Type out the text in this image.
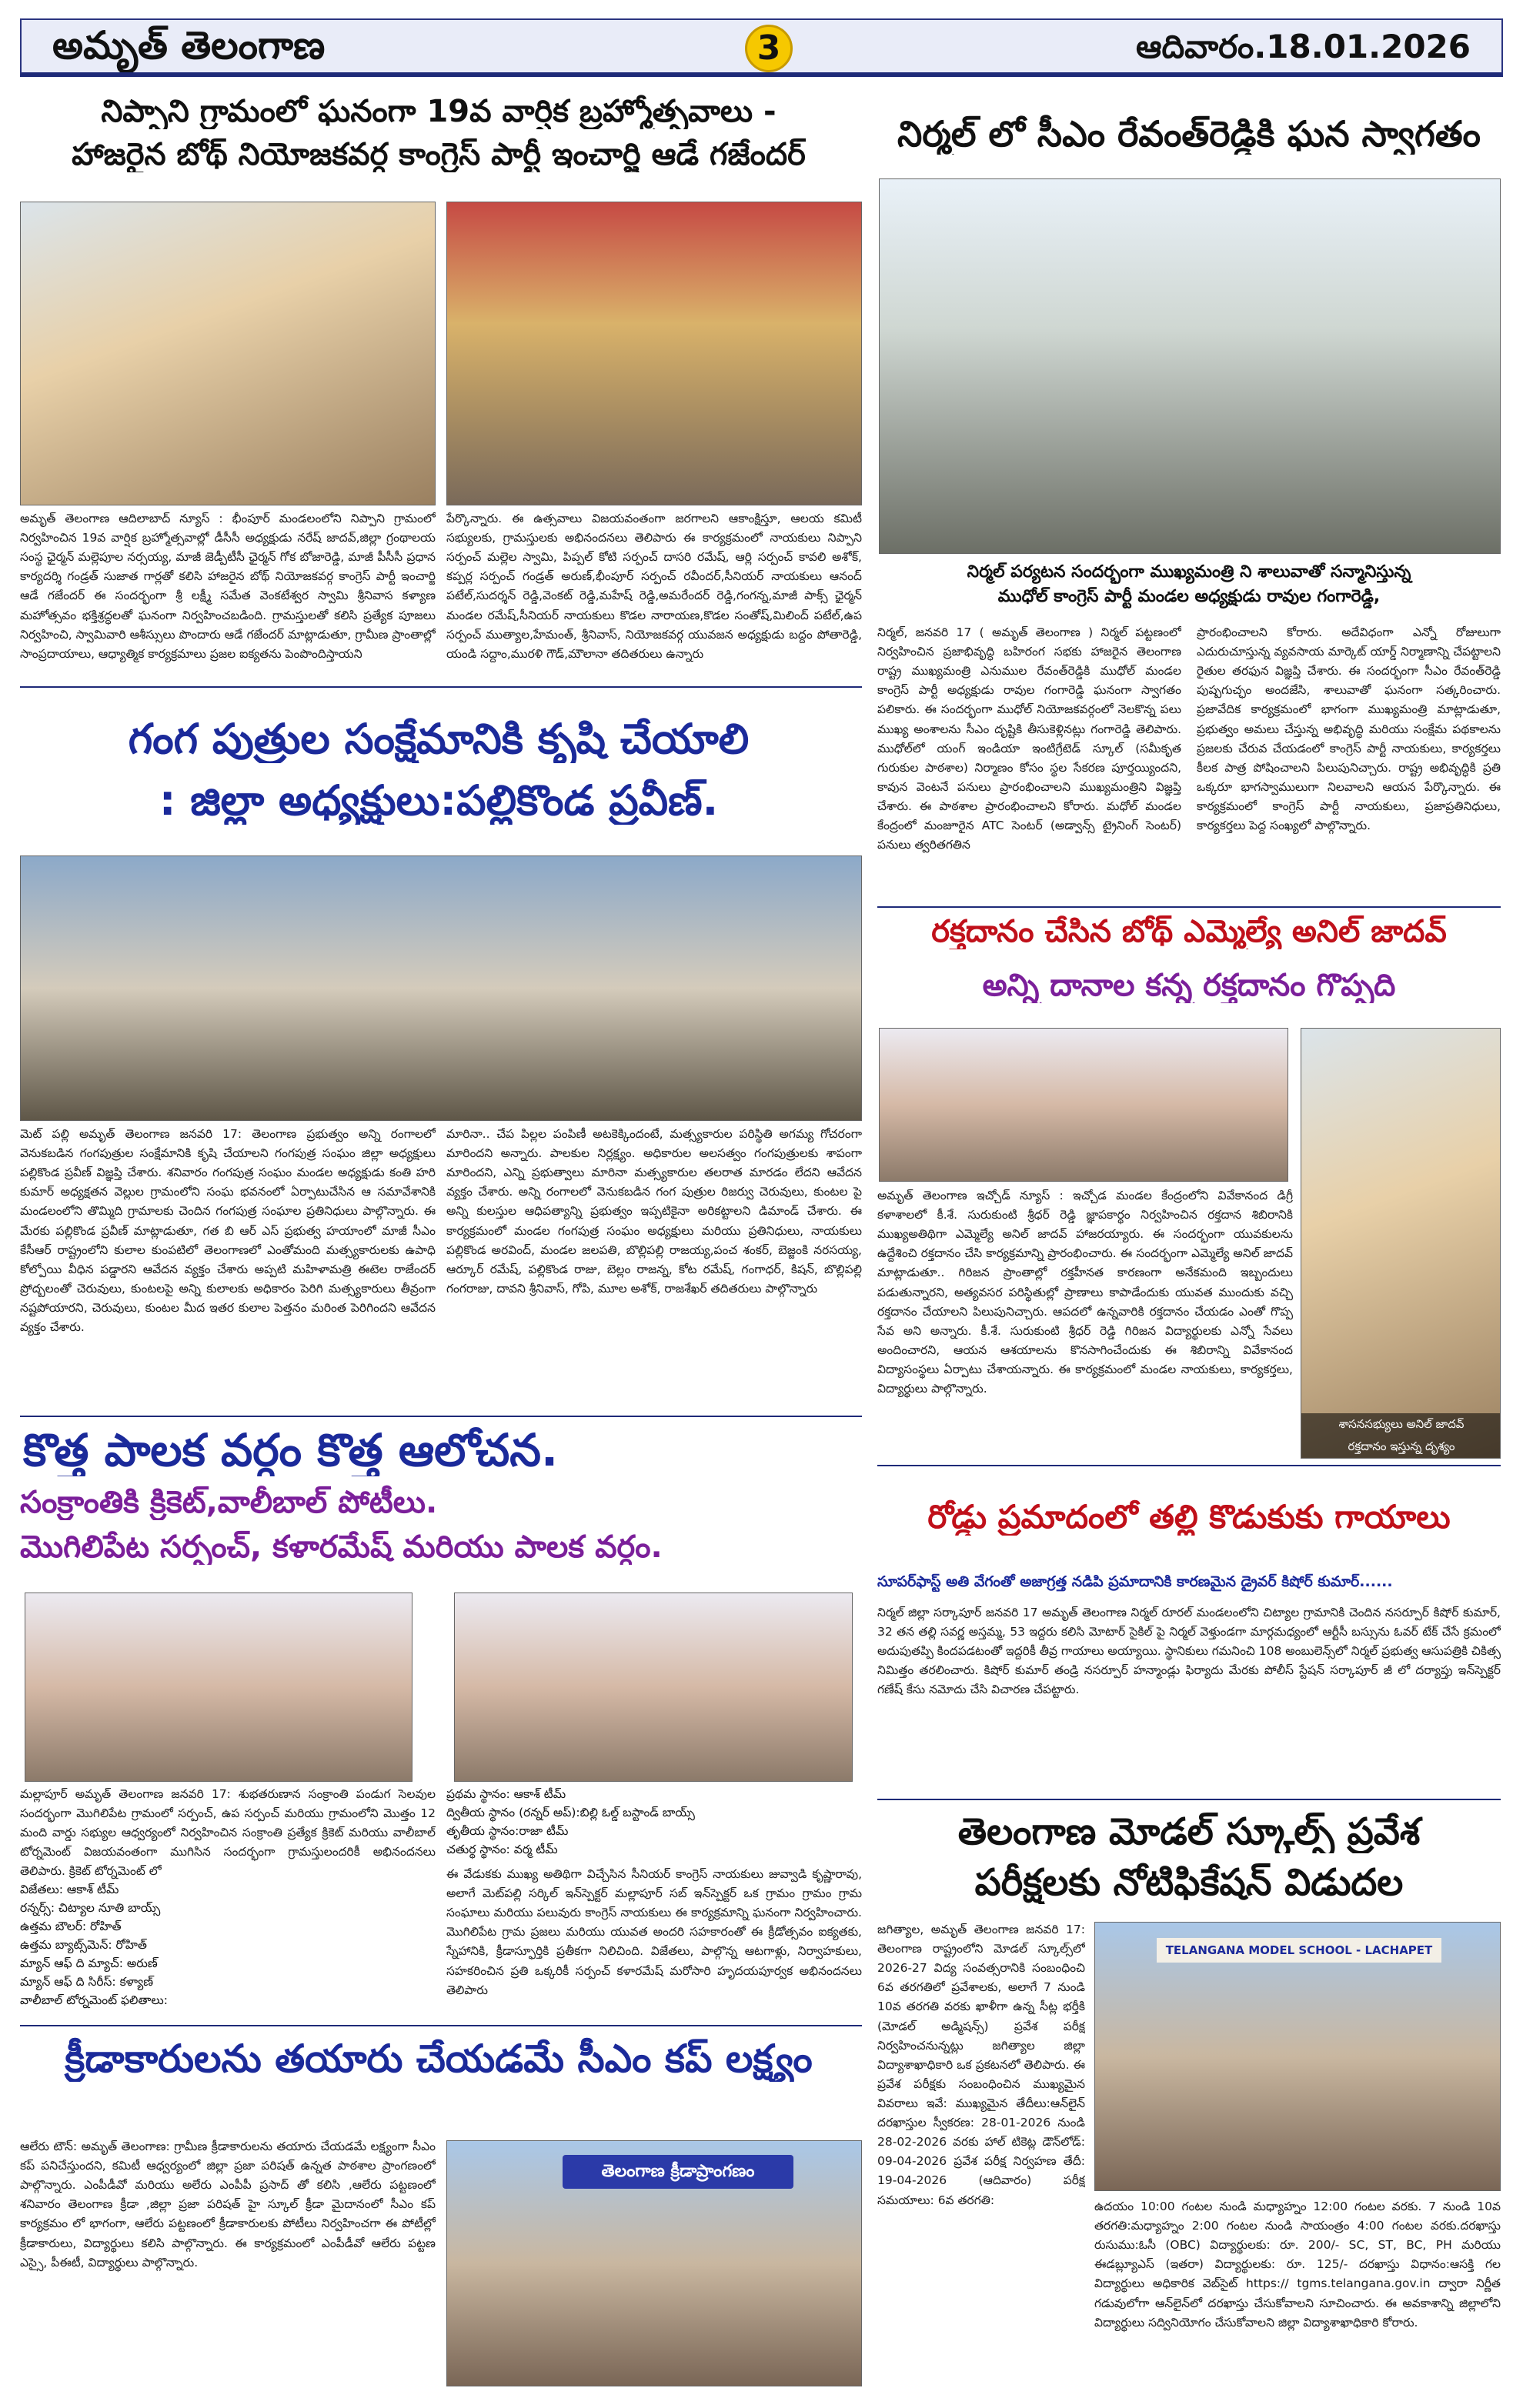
అమృత్ తెలంగాణ	3	ఆదివారం.18.01.2026
నిప్పాని గ్రామంలో ఘనంగా 19వ వార్షిక బ్రహ్మోత్సవాలు -
హాజరైన బోథ్ నియోజకవర్గ కాంగ్రెస్ పార్టీ ఇంచార్జి ఆడే గజేందర్
అమృత్ తెలంగాణ ఆదిలాబాద్ న్యూస్ : భీంపూర్ మండలంలోని నిప్పాని గ్రామంలో నిర్వహించిన 19వ వార్షిక బ్రహ్మోత్సవాల్లో డీసీసీ అధ్యక్షుడు నరేష్ జాదవ్,జిల్లా గ్రంథాలయ సంస్థ ఛైర్మన్ మల్లెపూల నర్సయ్య, మాజీ జెడ్పీటీసీ ఛైర్మన్ గోక బోజారెడ్డి, మాజీ పీసీసీ ప్రధాన కార్యదర్శి గండ్రత్ సుజాత గార్లతో కలిసి హాజరైన బోథ్ నియోజకవర్గ కాంగ్రెస్ పార్టీ ఇంచార్జి ఆడే గజేందర్ ఈ సందర్భంగా శ్రీ లక్ష్మీ సమేత వెంకటేశ్వర స్వామి శ్రీనివాస కళ్యాణ మహోత్సవం భక్తిశ్రద్ధలతో ఘనంగా నిర్వహించబడింది. గ్రామస్తులతో కలిసి ప్రత్యేక పూజలు నిర్వహించి, స్వామివారి ఆశీస్సులు పొందారు ఆడే గజేందర్ మాట్లాడుతూ, గ్రామీణ ప్రాంతాల్లో సాంప్రదాయాలు, ఆధ్యాత్మిక కార్యక్రమాలు ప్రజల ఐక్యతను పెంపొందిస్తాయని
పేర్కొన్నారు. ఈ ఉత్సవాలు విజయవంతంగా జరగాలని ఆకాంక్షిస్తూ, ఆలయ కమిటీ సభ్యులకు, గ్రామస్తులకు అభినందనలు తెలిపారు ఈ కార్యక్రమంలో నాయకులు నిప్పాని సర్పంచ్ మల్లెల స్వామి, పిప్పల్ కోటి సర్పంచ్ దాసరి రమేష్, ఆర్లి సర్పంచ్ కావలి అశోక్, కప్పర్ల సర్పంచ్ గండ్రత్ అరుణ్,భీంపూర్ సర్పంచ్ రవీందర్,సీనియర్ నాయకులు ఆనంద్ పటేల్,సుదర్శన్ రెడ్డి,వెంకట్ రెడ్డి,మహేష్ రెడ్డి,అమరేందర్ రెడ్డి,గంగన్న,మాజీ పాక్స్ ఛైర్మన్ మండల రమేష్,సీనియర్ నాయకులు కొడల నారాయణ,కొడల సంతోష్,మిలింద్ పటేల్,ఉప సర్పంచ్ ముత్యాల,హేమంత్, శ్రీనివాస్, నియోజకవర్గ యువజన అధ్యక్షుడు బద్దం పోతారెడ్డి, యండి సద్దాం,మురళి గౌడ్,మౌలానా తదితరులు ఉన్నారు
గంగ పుత్రుల సంక్షేమానికి కృషి చేయాలి
: జిల్లా అధ్యక్షులు:పల్లికొండ ప్రవీణ్.
మెట్ పల్లి అమృత్ తెలంగాణ జనవరి 17: తెలంగాణ ప్రభుత్వం అన్ని రంగాలలో వెనుకబడిన గంగపుత్రుల సంక్షేమానికి కృషి చేయాలని గంగపుత్ర సంఘం జిల్లా అధ్యక్షులు పల్లికొండ ప్రవీణ్ విజ్ఞప్తి చేశారు. శనివారం గంగపుత్ర సంఘం మండల అధ్యక్షుడు కంతి హరి కుమార్ అధ్యక్షతన వెల్లుల గ్రామంలోని సంఘ భవనంలో ఏర్పాటుచేసిన ఆ సమావేశానికి మండలంలోని తొమ్మిది గ్రామాలకు చెందిన గంగపుత్ర సంఘాల ప్రతినిధులు పాల్గొన్నారు. ఈ మేరకు పల్లికొండ ప్రవీణ్ మాట్లాడుతూ, గత బి ఆర్ ఎస్ ప్రభుత్వ హయాంలో మాజీ సీఎం కేసీఆర్ రాష్ట్రంలోని కులాల కుంపటిలో తెలంగాణలో ఎంతోమంది మత్స్యకారులకు ఉపాధి కోల్పోయి వీధిన పడ్డారని ఆవేదన వ్యక్తం చేశారు అప్పటి మహిళామత్రి ఈటెల రాజేందర్ ప్రోద్బలంతో చెరువులు, కుంటలపై అన్ని కులాలకు అధికారం పెరిగి మత్స్యకారులు తీవ్రంగా నష్టపోయారని, చెరువులు, కుంటల మీద ఇతర కులాల పెత్తనం మరింత పెరిగిందని ఆవేదన వ్యక్తం చేశారు.
మారినా.. చేప పిల్లల పంపిణీ అటకెక్కిందంటే, మత్స్యకారుల పరిస్థితి అగమ్య గోచరంగా మారిందని అన్నారు. పాలకుల నిర్లక్ష్యం. అధికారుల అలసత్వం గంగపుత్రులకు శాపంగా మారిందని, ఎన్ని ప్రభుత్వాలు మారినా మత్స్యకారుల తలరాత మారడం లేదని ఆవేదన వ్యక్తం చేశారు. అన్ని రంగాలలో వెనుకబడిన గంగ పుత్రుల రిజర్వు చెరువులు, కుంటల పై అన్ని కులస్తుల ఆధిపత్యాన్ని ప్రభుత్వం ఇప్పటికైనా అరికట్టాలని డిమాండ్ చేశారు. ఈ కార్యక్రమంలో మండల గంగపుత్ర సంఘం అధ్యక్షులు మరియు ప్రతినిధులు, నాయకులు పల్లికొండ అరవింద్, మండల జలపతి, బొల్లిపల్లి రాజయ్య,పంచ శంకర్, బెజ్జంకి నరసయ్య, ఆర్కూర్ రమేష్, పల్లికొండ రాజు, బెల్లం రాజన్న, కోట రమేష్, గంగాధర్, కిషన్, బొల్లిపల్లి గంగరాజు, దావని శ్రీనివాస్, గోపి, మూల అశోక్, రాజశేఖర్ తదితరులు పాల్గొన్నారు
కొత్త పాలక వర్గం కొత్త ఆలోచన.
సంక్రాంతికి క్రికెట్,వాలీబాల్ పోటీలు.
మొగిలిపేట సర్పంచ్, కళారమేష్ మరియు పాలక వర్గం.
మల్లాపూర్ అమృత్ తెలంగాణ జనవరి 17: శుభతరుణాన సంక్రాంతి పండుగ సెలవుల సందర్భంగా మొగిలిపేట గ్రామంలో సర్పంచ్, ఉప సర్పంచ్ మరియు గ్రామంలోని మొత్తం 12 మంది వార్డు సభ్యుల ఆధ్వర్యంలో నిర్వహించిన సంక్రాంతి ప్రత్యేక క్రికెట్ మరియు వాలీబాల్ టోర్నమెంట్ విజయవంతంగా ముగిసిన సందర్భంగా గ్రామస్తులందరికీ అభినందనలు తెలిపారు. క్రికెట్ టోర్నమెంట్ లో
విజేతలు: ఆకాశ్ టీమ్
రన్నర్స్: చిట్యాల నూతి బాయ్స్
ఉత్తమ బౌలర్: రోహిత్
ఉత్తమ బ్యాట్స్‌మెన్: రోహిత్
మ్యాన్ ఆఫ్ ది మ్యాచ్: అరుణ్
మ్యాన్ ఆఫ్ ది సిరీస్: కళ్యాణ్
వాలీబాల్ టోర్నమెంట్ ఫలితాలు:
ప్రథమ స్థానం: ఆకాశ్ టీమ్
ద్వితీయ స్థానం (రన్నర్ అప్):బిల్లి ఓల్డ్ బస్టాండ్ బాయ్స్
తృతీయ స్థానం:రాజా టీమ్
చతుర్థ స్థానం: వర్మ టీమ్
ఈ వేడుకకు ముఖ్య అతిథిగా విచ్చేసిన సీనియర్ కాంగ్రెస్ నాయకులు జువ్వాడి కృష్ణారావు, అలాగే మెట్‌పల్లి సర్కిల్ ఇన్‌స్పెక్టర్ మల్లాపూర్ సబ్ ఇన్‌స్పెక్టర్ ఒక గ్రామం గ్రామం గ్రామ సంఘాలు మరియు పలువురు కాంగ్రెస్ నాయకులు ఈ కార్యక్రమాన్ని ఘనంగా నిర్వహించారు. మొగిలిపేట గ్రామ ప్రజలు మరియు యువత అందరి సహకారంతో ఈ క్రీడోత్సవం ఐక్యతకు, స్నేహానికి, క్రీడాస్ఫూర్తికి ప్రతీకగా నిలిచింది. విజేతలు, పాల్గొన్న ఆటగాళ్లు, నిర్వాహకులు, సహకరించిన ప్రతి ఒక్కరికీ సర్పంచ్ కళారమేష్ మరోసారి హృదయపూర్వక అభినందనలు తెలిపారు
క్రీడాకారులను తయారు చేయడమే సీఎం కప్ లక్ష్యం
ఆలేరు టౌన్: అమృత్ తెలంగాణ: గ్రామీణ క్రీడాకారులను తయారు చేయడమే లక్ష్యంగా సీఎం కప్ పనిచేస్తుందని, కమిటీ ఆధ్వర్యంలో జిల్లా ప్రజా పరిషత్ ఉన్నత పాఠశాల ప్రాంగణంలో పాల్గొన్నారు. ఎంపీడీవో మరియు అలేరు ఎంపీపీ ప్రసాద్ తో కలిసి ,ఆలేరు పట్టణంలో శనివారం తెలంగాణ క్రీడా ,జిల్లా ప్రజా పరిషత్ హై స్కూల్ క్రీడా మైదానంలో సీఎం కప్ కార్యక్రమం లో భాగంగా, ఆలేరు పట్టణంలో క్రీడాకారులకు పోటీలు నిర్వహించగా ఈ పోటీల్లో క్రీడాకారులు, విద్యార్థులు కలిసి పాల్గొన్నారు. ఈ కార్యక్రమంలో ఎంపీడీవో ఆలేరు పట్టణ ఎస్సై, పీఈటీ, విద్యార్థులు పాల్గొన్నారు.
తెలంగాణ క్రీడాప్రాంగణం
నిర్మల్ లో సీఎం రేవంత్‌రెడ్డికి ఘన స్వాగతం
నిర్మల్ పర్యటన సందర్భంగా ముఖ్యమంత్రి ని శాలువాతో సన్మానిస్తున్న
ముధోల్ కాంగ్రెస్ పార్టీ మండల అధ్యక్షుడు రావుల గంగారెడ్డి,
నిర్మల్, జనవరి 17 ( అమృత్ తెలంగాణ ) నిర్మల్ పట్టణంలో నిర్వహించిన ప్రజాభివృద్ధి బహిరంగ సభకు హాజరైన తెలంగాణ రాష్ట్ర ముఖ్యమంత్రి ఎనుముల రేవంత్‌రెడ్డికి ముధోల్ మండల కాంగ్రెస్ పార్టీ అధ్యక్షుడు రావుల గంగారెడ్డి ఘనంగా స్వాగతం పలికారు. ఈ సందర్భంగా ముధోల్ నియోజకవర్గంలో నెలకొన్న పలు ముఖ్య అంశాలను సీఎం దృష్టికి తీసుకెళ్లినట్లు గంగారెడ్డి తెలిపారు. ముధోల్‌లో యంగ్ ఇండియా ఇంటిగ్రేటెడ్ స్కూల్ (సమీకృత గురుకుల పాఠశాల) నిర్మాణం కోసం స్థల సేకరణ పూర్తయ్యిందని, కావున వెంటనే పనులు ప్రారంభించాలని ముఖ్యమంత్రిని విజ్ఞప్తి చేశారు. ఈ పాఠశాల ప్రారంభించాలని కోరారు. మధోల్ మండల కేంద్రంలో మంజూరైన ATC సెంటర్ (అడ్వాన్స్ ట్రైనింగ్ సెంటర్) పనులు త్వరితగతిన
ప్రారంభించాలని కోరారు. అదేవిధంగా ఎన్నో రోజులుగా ఎదురుచూస్తున్న వ్యవసాయ మార్కెట్ యార్డ్ నిర్మాణాన్ని చేపట్టాలని రైతుల తరఫున విజ్ఞప్తి చేశారు. ఈ సందర్భంగా సీఎం రేవంత్‌రెడ్డి పుష్పగుచ్ఛం అందజేసి, శాలువాతో ఘనంగా సత్కరించారు. ప్రజావేదిక కార్యక్రమంలో భాగంగా ముఖ్యమంత్రి మాట్లాడుతూ, ప్రభుత్వం అమలు చేస్తున్న అభివృద్ధి మరియు సంక్షేమ పథకాలను ప్రజలకు చేరువ చేయడంలో కాంగ్రెస్ పార్టీ నాయకులు, కార్యకర్తలు కీలక పాత్ర పోషించాలని పిలుపునిచ్చారు. రాష్ట్ర అభివృద్ధికి ప్రతి ఒక్కరూ భాగస్వాములుగా నిలవాలని ఆయన పేర్కొన్నారు. ఈ కార్యక్రమంలో కాంగ్రెస్ పార్టీ నాయకులు, ప్రజాప్రతినిధులు, కార్యకర్తలు పెద్ద సంఖ్యలో పాల్గొన్నారు.
రక్తదానం చేసిన బోథ్ ఎమ్మెల్యే అనిల్ జాదవ్
అన్ని దానాల కన్న రక్తదానం గొప్పది
శాసనసభ్యులు అనిల్ జాదవ్
రక్తదానం ఇస్తున్న దృశ్యం
అమృత్ తెలంగాణ ఇచ్చోడ్ న్యూస్ : ఇచ్చోడ మండల కేంద్రంలోని వివేకానంద డిగ్రీ కళాశాలలో కీ.శే. సురుకుంటి శ్రీధర్ రెడ్డి జ్ఞాపకార్థం నిర్వహించిన రక్తదాన శిబిరానికి ముఖ్యఅతిథిగా ఎమ్మెల్యే అనిల్ జాదవ్ హాజరయ్యారు. ఈ సందర్భంగా యువకులను ఉద్దేశించి రక్తదానం చేసి కార్యక్రమాన్ని ప్రారంభించారు. ఈ సందర్భంగా ఎమ్మెల్యే అనిల్ జాదవ్ మాట్లాడుతూ.. గిరిజన ప్రాంతాల్లో రక్తహీనత కారణంగా అనేకమంది ఇబ్బందులు పడుతున్నారని, అత్యవసర పరిస్థితుల్లో ప్రాణాలు కాపాడేందుకు యువత ముందుకు వచ్చి రక్తదానం చేయాలని పిలుపునిచ్చారు. ఆపదలో ఉన్నవారికి రక్తదానం చేయడం ఎంతో గొప్ప సేవ అని అన్నారు. కీ.శే. సురుకుంటి శ్రీధర్ రెడ్డి గిరిజన విద్యార్థులకు ఎన్నో సేవలు అందించారని, ఆయన ఆశయాలను కొనసాగించేందుకు ఈ శిబిరాన్ని వివేకానంద విద్యాసంస్థలు ఏర్పాటు చేశాయన్నారు. ఈ కార్యక్రమంలో మండల నాయకులు, కార్యకర్తలు, విద్యార్థులు పాల్గొన్నారు.
రోడ్డు ప్రమాదంలో తల్లి కొడుకుకు గాయాలు
సూపర్‌ఫాస్ట్ అతి వేగంతో అజాగ్రత్త నడిపి ప్రమాదానికి కారణమైన డ్రైవర్ కిషోర్ కుమార్......
నిర్మల్ జిల్లా సర్కాపూర్ జనవరి 17 అమృత్ తెలంగాణ నిర్మల్ రూరల్ మండలంలోని చిట్యాల గ్రామానికి చెందిన నసర్పూర్ కిషోర్ కుమార్, 32 తన తల్లి సవర్ణ అస్తమ్మ, 53 ఇద్దరు కలిసి మోటార్ సైకిల్ పై నిర్మల్ వెళ్తుండగా మార్గమధ్యంలో ఆర్టీసీ బస్సును ఓవర్ టేక్ చేసే క్రమంలో అదుపుతప్పి కిందపడటంతో ఇద్దరికీ తీవ్ర గాయాలు అయ్యాయి. స్థానికులు గమనించి 108 అంబులెన్స్‌లో నిర్మల్ ప్రభుత్వ ఆసుపత్రికి చికిత్స నిమిత్తం తరలించారు. కిషోర్ కుమార్ తండ్రి నసర్పూర్ హన్మాండ్లు ఫిర్యాదు మేరకు పోలీస్ స్టేషన్ సర్కాపూర్ జీ లో దర్యాప్తు ఇన్‌స్పెక్టర్ గణేష్ కేసు నమోదు చేసి విచారణ చేపట్టారు.
తెలంగాణ మోడల్ స్కూల్స్ ప్రవేశ
పరీక్షలకు నోటిఫికేషన్ విడుదల
జగిత్యాల, అమృత్ తెలంగాణ జనవరి 17: తెలంగాణ రాష్ట్రంలోని మోడల్ స్కూల్స్‌లో 2026-27 విద్య సంవత్సరానికి సంబంధించి 6వ తరగతిలో ప్రవేశాలకు, అలాగే 7 నుండి 10వ తరగతి వరకు ఖాళీగా ఉన్న సీట్ల భర్తీకి (మోడల్ అడ్మిషన్స్) ప్రవేశ పరీక్ష నిర్వహించనున్నట్లు జగిత్యాల జిల్లా విద్యాశాఖాధికారి ఒక ప్రకటనలో తెలిపారు. ఈ ప్రవేశ పరీక్షకు సంబంధించిన ముఖ్యమైన వివరాలు ఇవే: ముఖ్యమైన తేదీలు:ఆన్‌లైన్ దరఖాస్తుల స్వీకరణ: 28-01-2026 నుండి 28-02-2026 వరకు హాల్ టికెట్ల డౌన్‌లోడ్: 09-04-2026 ప్రవేశ పరీక్ష నిర్వహణ తేదీ: 19-04-2026 (ఆదివారం) పరీక్ష సమయాలు: 6వ తరగతి:
TELANGANA MODEL SCHOOL - LACHAPET
ఉదయం 10:00 గంటల నుండి మధ్యాహ్నం 12:00 గంటల వరకు. 7 నుండి 10వ తరగతి:మధ్యాహ్నం 2:00 గంటల నుండి సాయంత్రం 4:00 గంటల వరకు.దరఖాస్తు రుసుము:ఓసీ (OBC) విద్యార్థులకు: రూ. 200/- SC, ST, BC, PH మరియు ఈడబ్ల్యూఎస్ (ఇతరా) విద్యార్థులకు: రూ. 125/- దరఖాస్తు విధానం:ఆసక్తి గల విద్యార్థులు అధికారిక వెబ్‌సైట్ https:// tgms.telangana.gov.in ద్వారా నిర్ణీత గడువులోగా ఆన్‌లైన్‌లో దరఖాస్తు చేసుకోవాలని సూచించారు. ఈ అవకాశాన్ని జిల్లాలోని విద్యార్థులు సద్వినియోగం చేసుకోవాలని జిల్లా విద్యాశాఖాధికారి కోరారు.
